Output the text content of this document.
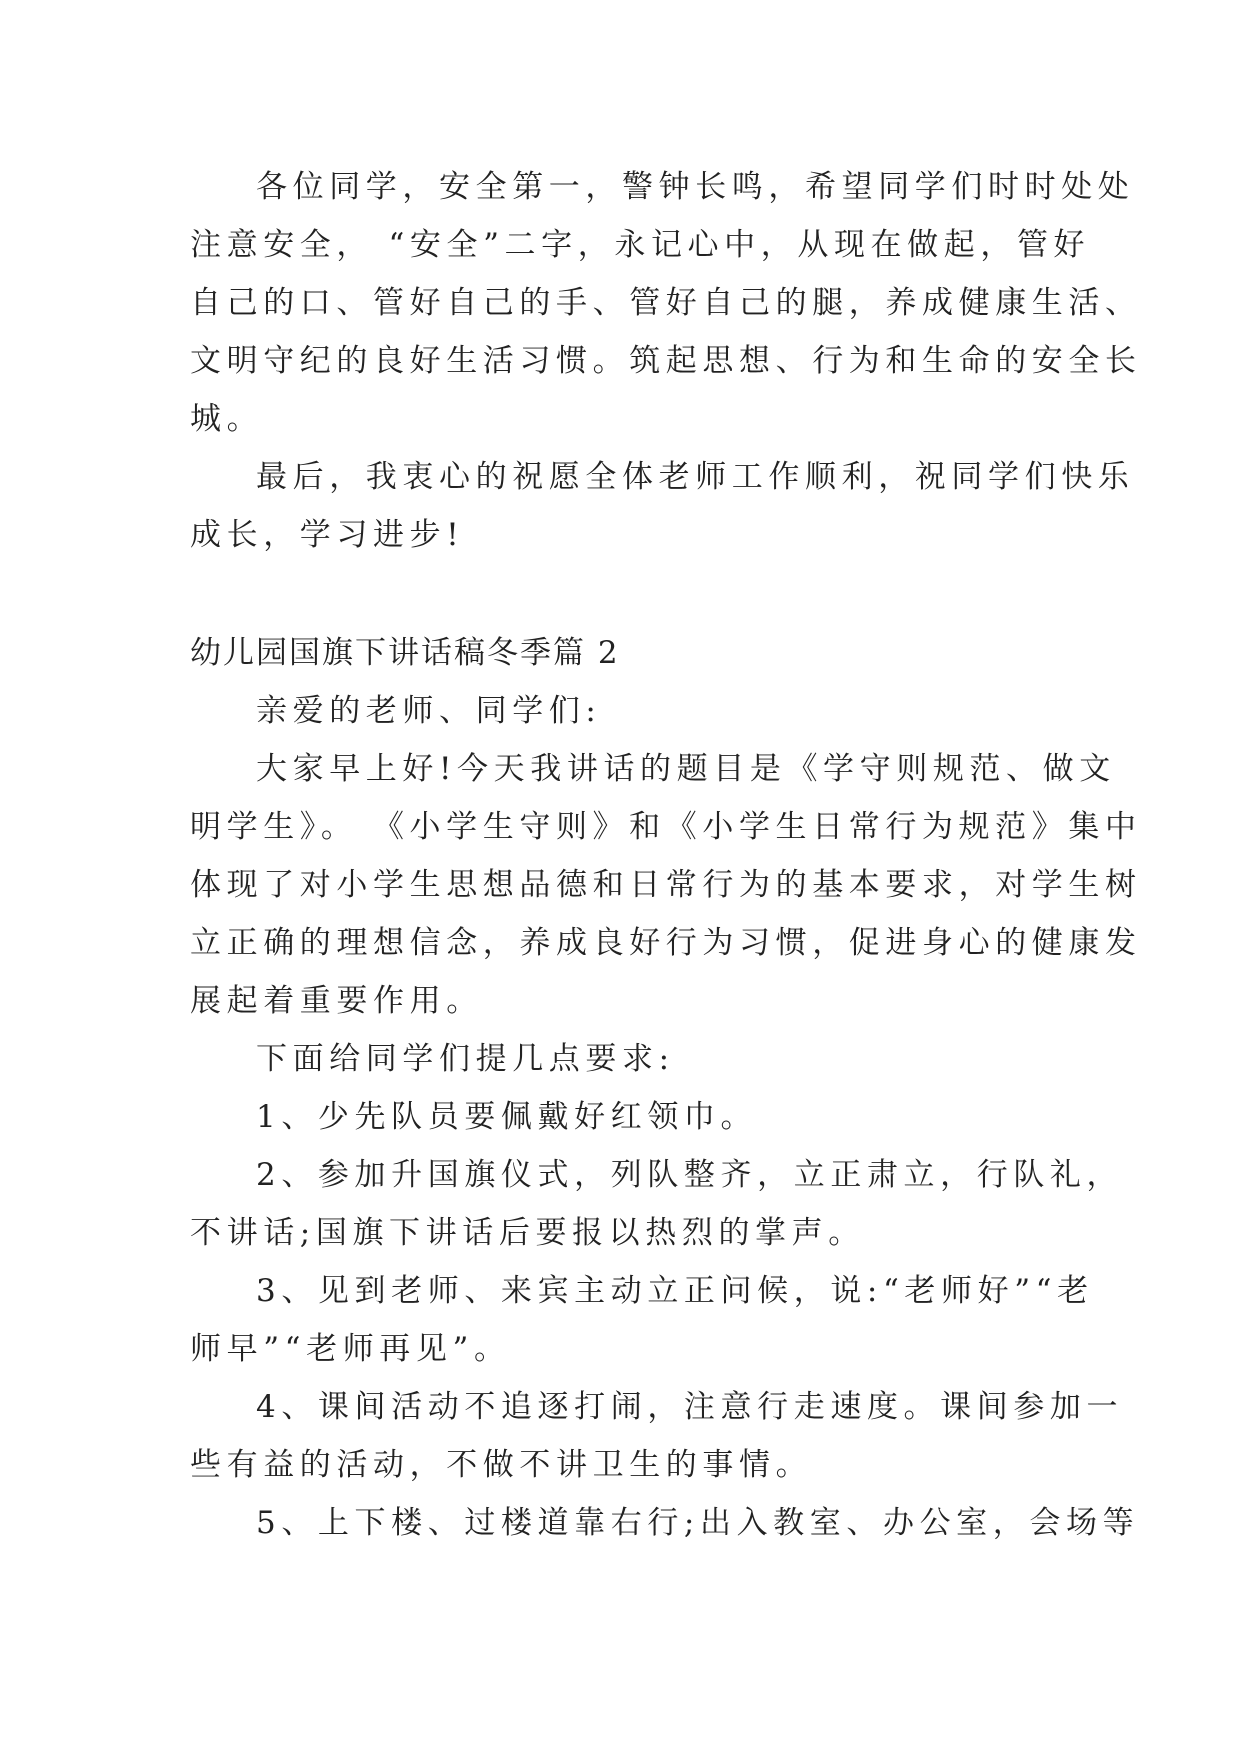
各位同学，安全第一，警钟长鸣，希望同学们时时处处
注意安全， “安全”二字，永记心中，从现在做起，管好
自己的口、管好自己的手、管好自己的腿，养成健康生活、
文明守纪的良好生活习惯。筑起思想、行为和生命的安全长
城。
最后，我衷心的祝愿全体老师工作顺利，祝同学们快乐
成长，学习进步!
幼儿园国旗下讲话稿冬季篇 2
亲爱的老师、同学们:
大家早上好!今天我讲话的题目是《学守则规范、做文
明学生》。 《小学生守则》和《小学生日常行为规范》集中
体现了对小学生思想品德和日常行为的基本要求，对学生树
立正确的理想信念，养成良好行为习惯，促进身心的健康发
展起着重要作用。
下面给同学们提几点要求:
1、少先队员要佩戴好红领巾。
2、参加升国旗仪式，列队整齐，立正肃立，行队礼，
不讲话;国旗下讲话后要报以热烈的掌声。
3、见到老师、来宾主动立正问候，说:“老师好”“老
师早”“老师再见”。
4、课间活动不追逐打闹，注意行走速度。课间参加一
些有益的活动，不做不讲卫生的事情。
5、上下楼、过楼道靠右行;出入教室、办公室，会场等
